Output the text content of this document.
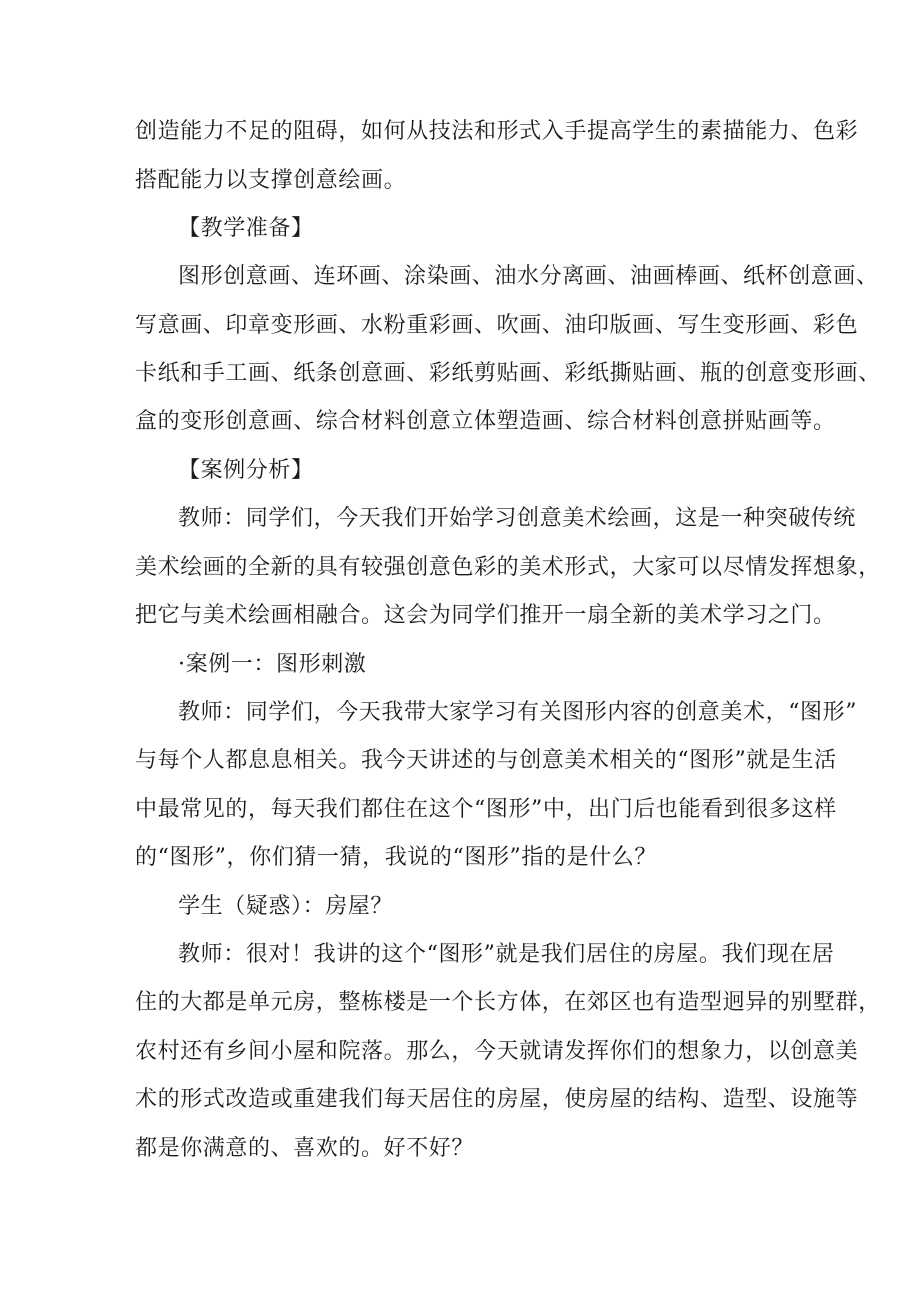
创造能力不足的阻碍，如何从技法和形式入手提高学生的素描能力、色彩
搭配能力以支撑创意绘画。
【教学准备】
图形创意画、连环画、涂染画、油水分离画、油画棒画、纸杯创意画、
写意画、印章变形画、水粉重彩画、吹画、油印版画、写生变形画、彩色
卡纸和手工画、纸条创意画、彩纸剪贴画、彩纸撕贴画、瓶的创意变形画、
盒的变形创意画、综合材料创意立体塑造画、综合材料创意拼贴画等。
【案例分析】
教师：同学们，今天我们开始学习创意美术绘画，这是一种突破传统
美术绘画的全新的具有较强创意色彩的美术形式，大家可以尽情发挥想象，
把它与美术绘画相融合。这会为同学们推开一扇全新的美术学习之门。
·案例一：图形刺激
教师：同学们，今天我带大家学习有关图形内容的创意美术，“图形”
与每个人都息息相关。我今天讲述的与创意美术相关的“图形”就是生活
中最常见的，每天我们都住在这个“图形”中，出门后也能看到很多这样
的“图形”，你们猜一猜，我说的“图形”指的是什么？
学生（疑惑）：房屋？
教师：很对！我讲的这个“图形”就是我们居住的房屋。我们现在居
住的大都是单元房，整栋楼是一个长方体，在郊区也有造型迥异的别墅群，
农村还有乡间小屋和院落。那么，今天就请发挥你们的想象力，以创意美
术的形式改造或重建我们每天居住的房屋，使房屋的结构、造型、设施等
都是你满意的、喜欢的。好不好？
